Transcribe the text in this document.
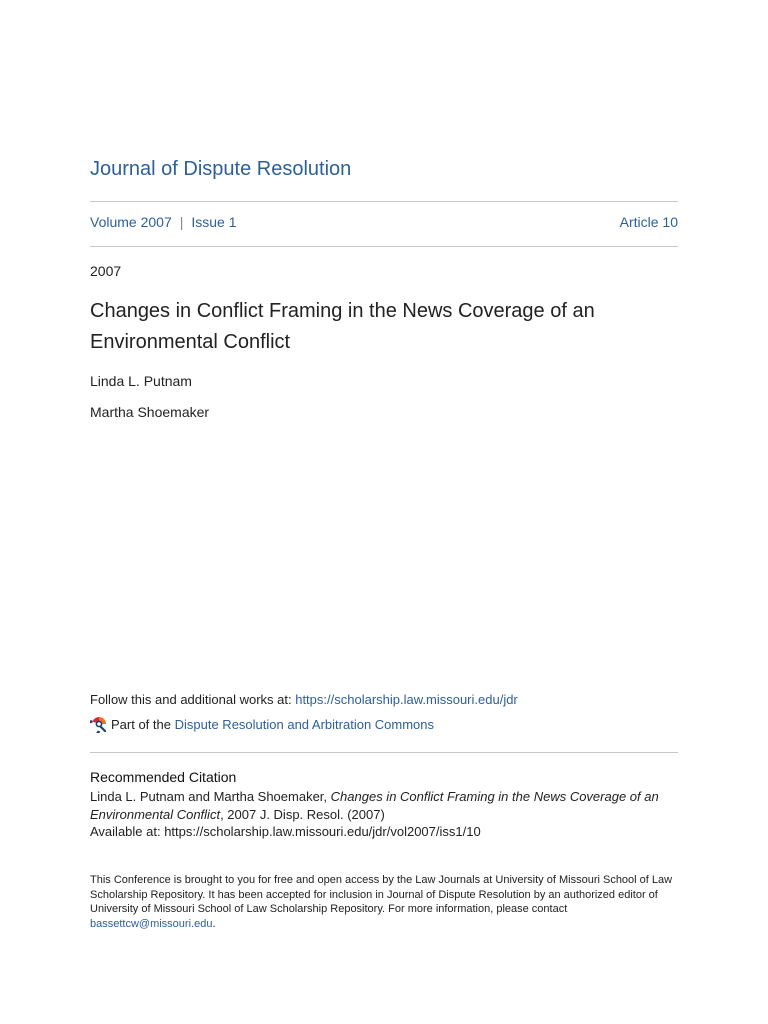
Journal of Dispute Resolution
Volume 2007 | Issue 1	Article 10
2007
Changes in Conflict Framing in the News Coverage of an Environmental Conflict
Linda L. Putnam
Martha Shoemaker
Follow this and additional works at: https://scholarship.law.missouri.edu/jdr
Part of the
Dispute Resolution and Arbitration Commons
Recommended Citation
Linda L. Putnam and Martha Shoemaker, Changes in Conflict Framing in the News Coverage of an Environmental Conflict, 2007 J. Disp. Resol. (2007)
Available at: https://scholarship.law.missouri.edu/jdr/vol2007/iss1/10
This Conference is brought to you for free and open access by the Law Journals at University of Missouri School of Law Scholarship Repository. It has been accepted for inclusion in Journal of Dispute Resolution by an authorized editor of University of Missouri School of Law Scholarship Repository. For more information, please contact bassettcw@missouri.edu.
